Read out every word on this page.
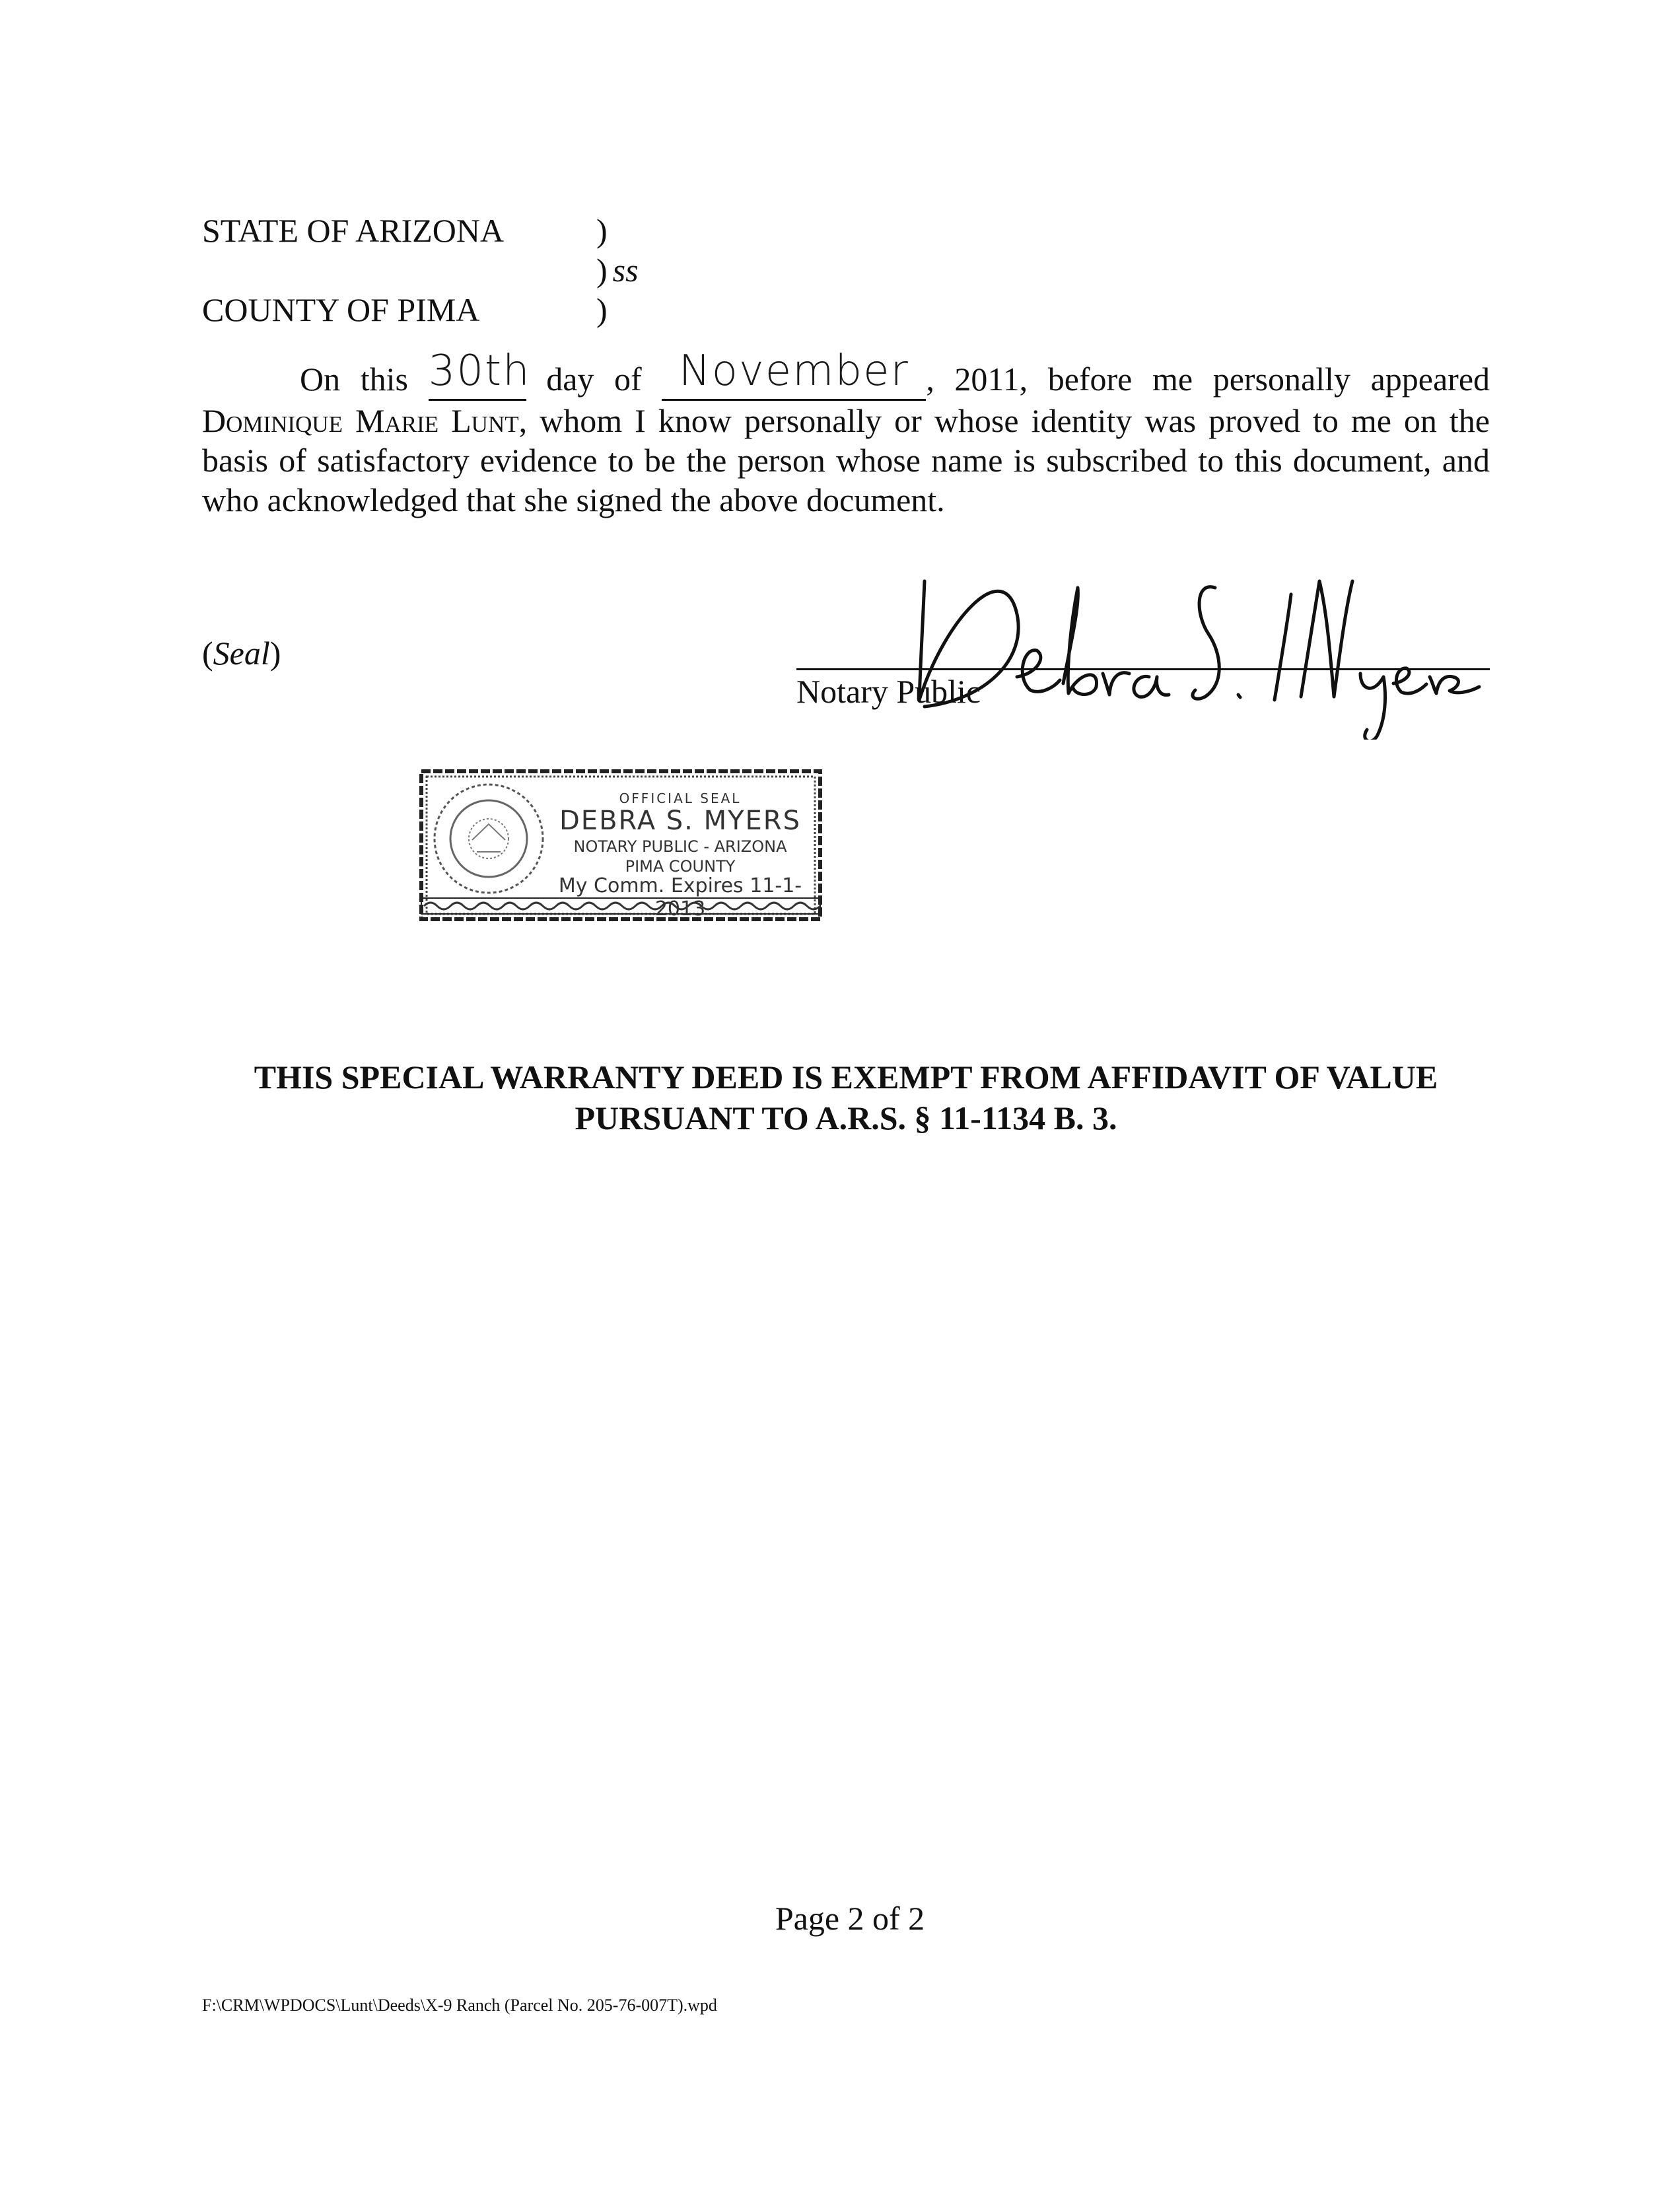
STATE OF ARIZONA	)
) ss
COUNTY OF PIMA	)
On this 30th day of November , 2011, before me personally appeared Dominique Marie Lunt, whom I know personally or whose identity was proved to me on the basis of satisfactory evidence to be the person whose name is subscribed to this document, and who acknowledged that she signed the above document.
(Seal)
Notary Public
OFFICIAL SEAL
DEBRA S. MYERS
NOTARY PUBLIC - ARIZONA
PIMA COUNTY
My Comm. Expires 11-1-2013
THIS SPECIAL WARRANTY DEED IS EXEMPT FROM AFFIDAVIT OF VALUE
PURSUANT TO A.R.S. § 11-1134 B. 3.
Page 2 of 2
F:\CRM\WPDOCS\Lunt\Deeds\X-9 Ranch (Parcel No. 205-76-007T).wpd
